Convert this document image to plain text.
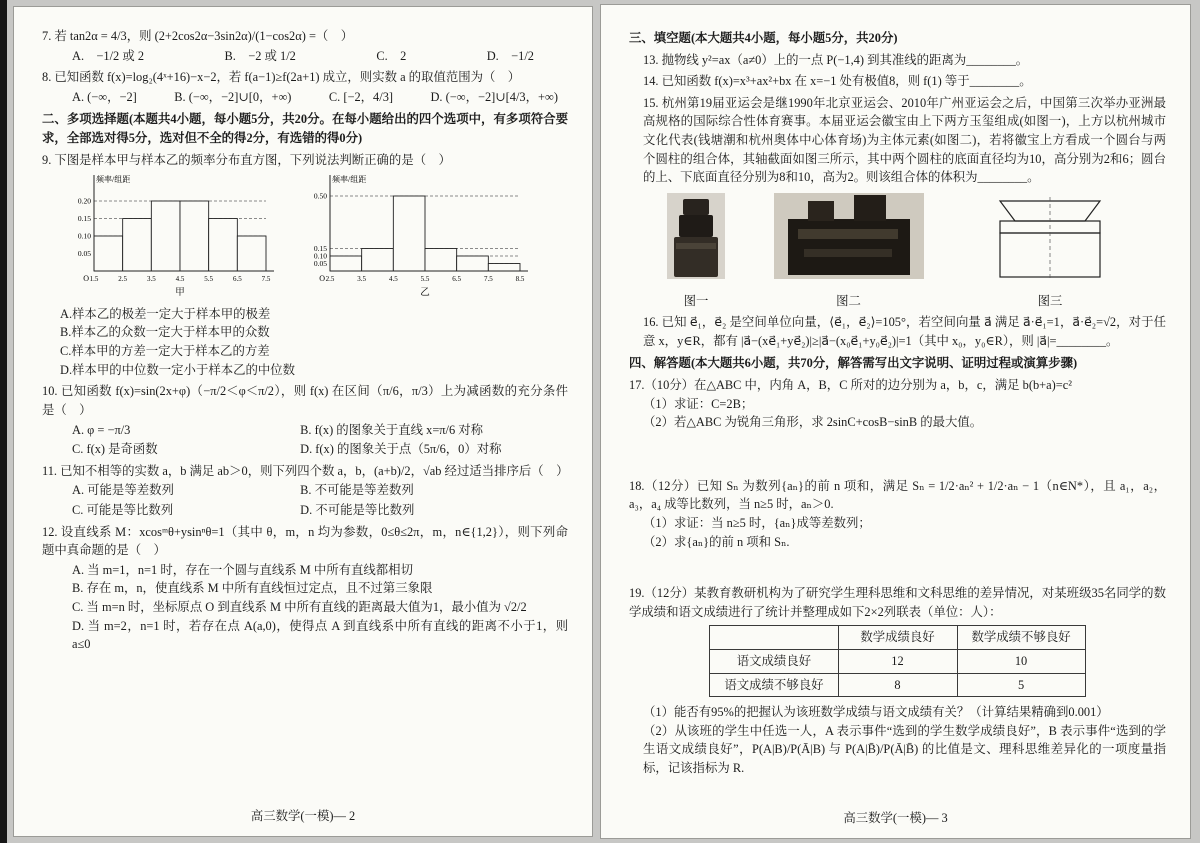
7. 若 tan2α = 4/3，则 (2+2cos2α−3sin2α)/(1−cos2α) =（　）
A.　−1/2 或 2	B.　−2 或 1/2	C.　2	D.　−1/2
8. 已知函数 f(x)=log₂(4ˣ+16)−x−2，若 f(a−1)≥f(2a+1) 成立，则实数 a 的取值范围为（　）
A. (−∞，−2]	B. (−∞，−2]∪[0，+∞)	C. [−2，4/3]	D. (−∞，−2]∪[4/3，+∞)
二、多项选择题(本题共4小题，每小题5分，共20分。在每小题给出的四个选项中，有多项符合要求，全部选对得5分，选对但不全的得2分，有选错的得0分)
9. 下图是样本甲与样本乙的频率分布直方图，下列说法判断正确的是（　）
0.05
0.10
0.15
0.20
1.5	2.5	3.5	4.5	5.5	6.5	7.5
O
频率/组距
甲
0.05
0.10
0.15
0.50
2.5	3.5	4.5	5.5	6.5	7.5	8.5
O
频率/组距
乙
A.样本乙的极差一定大于样本甲的极差
B.样本乙的众数一定大于样本甲的众数
C.样本甲的方差一定大于样本乙的方差
D.样本甲的中位数一定小于样本乙的中位数
10. 已知函数 f(x)=sin(2x+φ)（−π/2＜φ＜π/2），则 f(x) 在区间（π/6，π/3）上为减函数的充分条件是（　）
A. φ = −π/3	B. f(x) 的图象关于直线 x=π/6 对称
C. f(x) 是奇函数	D. f(x) 的图象关于点（5π/6，0）对称
11. 已知不相等的实数 a，b 满足 ab＞0，则下列四个数 a，b，(a+b)/2，√ab 经过适当排序后（　）
A. 可能是等差数列	B. 不可能是等差数列
C. 可能是等比数列	D. 不可能是等比数列
12. 设直线系 M：xcosᵐθ+ysinⁿθ=1（其中 θ，m，n 均为参数，0≤θ≤2π，m，n∈{1,2}），则下列命题中真命题的是（　）
A. 当 m=1，n=1 时，存在一个圆与直线系 M 中所有直线都相切
B. 存在 m，n，使直线系 M 中所有直线恒过定点，且不过第三象限
C. 当 m=n 时，坐标原点 O 到直线系 M 中所有直线的距离最大值为1，最小值为 √2/2
D. 当 m=2，n=1 时，若存在点 A(a,0)，使得点 A 到直线系中所有直线的距离不小于1，则 a≤0
高三数学(一模)— 2
三、填空题(本大题共4小题，每小题5分，共20分)
13. 抛物线 y²=ax（a≠0）上的一点 P(−1,4) 到其准线的距离为________。
14. 已知函数 f(x)=x³+ax²+bx 在 x=−1 处有极值8，则 f(1) 等于________。
15. 杭州第19届亚运会是继1990年北京亚运会、2010年广州亚运会之后，中国第三次举办亚洲最高规格的国际综合性体育赛事。本届亚运会徽宝由上下两方玉玺组成(如图一)，上方以杭州城市文化代表(钱塘潮和杭州奥体中心体育场)为主体元素(如图二)，若将徽宝上方看成一个圆台与两个圆柱的组合体，其轴截面如图三所示，其中两个圆柱的底面直径均为10，高分别为2和6；圆台的上、下底面直径分别为8和10，高为2。则该组合体的体积为________。
图一	图二	图三
16. 已知 e⃗₁，e⃗₂ 是空间单位向量，⟨e⃗₁，e⃗₂⟩=105°，若空间向量 a⃗ 满足 a⃗·e⃗₁=1，a⃗·e⃗₂=√2，对于任意 x，y∈R，都有 |a⃗−(xe⃗₁+ye⃗₂)|≥|a⃗−(x₀e⃗₁+y₀e⃗₂)|=1（其中 x₀，y₀∈R），则 |a⃗|=________。
四、解答题(本大题共6小题，共70分，解答需写出文字说明、证明过程或演算步骤)
17.（10分）在△ABC 中，内角 A，B，C 所对的边分别为 a，b，c，满足 b(b+a)=c²
（1）求证：C=2B；
（2）若△ABC 为锐角三角形，求 2sinC+cosB−sinB 的最大值。
18.（12分）已知 Sₙ 为数列{aₙ}的前 n 项和，满足 Sₙ = 1/2·aₙ² + 1/2·aₙ − 1（n∈N*），且 a₁，a₂，a₃，a₄ 成等比数列，当 n≥5 时，aₙ＞0.
（1）求证：当 n≥5 时，{aₙ}成等差数列；
（2）求{aₙ}的前 n 项和 Sₙ.
19.（12分）某教育教研机构为了研究学生理科思维和文科思维的差异情况，对某班级35名同学的数学成绩和语文成绩进行了统计并整理成如下2×2列联表（单位：人）：
	数学成绩良好	数学成绩不够良好
语文成绩良好	12	10
语文成绩不够良好	8	5
（1）能否有95%的把握认为该班数学成绩与语文成绩有关？（计算结果精确到0.001）
（2）从该班的学生中任选一人，A 表示事件“选到的学生数学成绩良好”，B 表示事件“选到的学生语文成绩良好”，P(A|B)/P(Ā|B) 与 P(A|B̄)/P(Ā|B̄) 的比值是文、理科思维差异化的一项度量指标，记该指标为 R.
高三数学(一模)— 3
